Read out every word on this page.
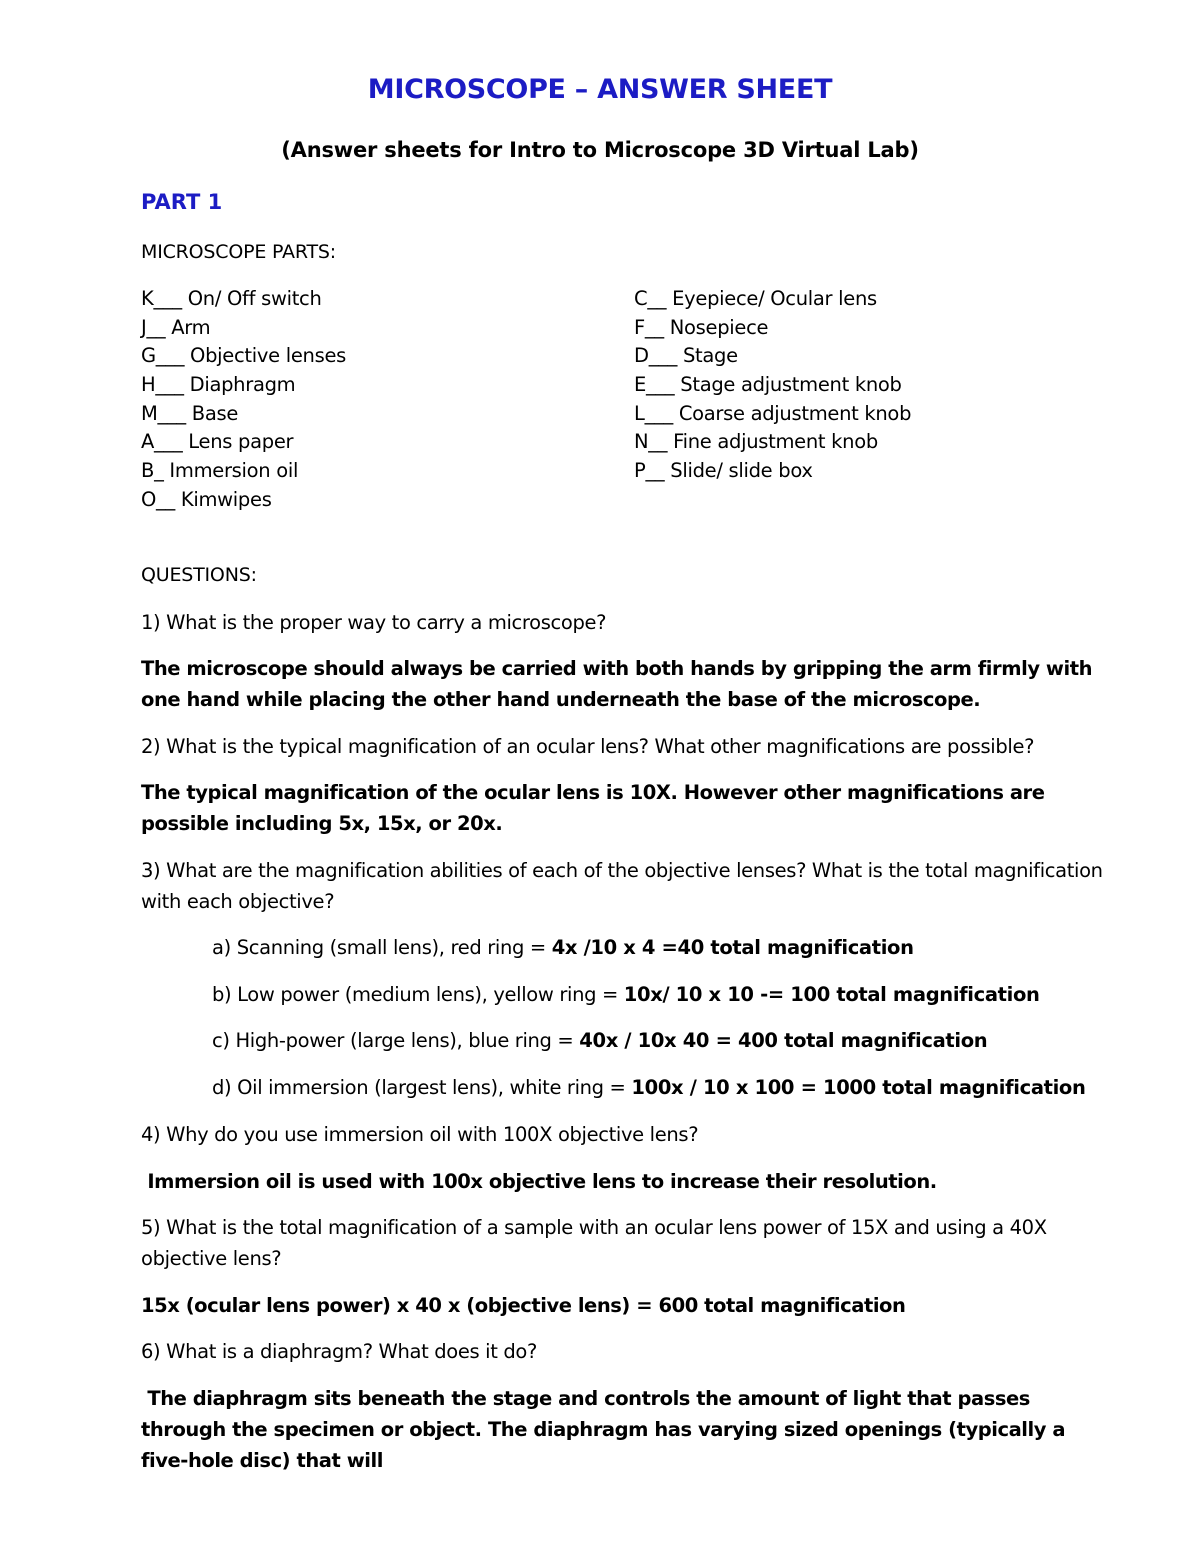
MICROSCOPE – ANSWER SHEET
(Answer sheets for Intro to Microscope 3D Virtual Lab)
PART 1
MICROSCOPE PARTS:
K___ On/ Off switch
J__ Arm
G___ Objective lenses
H___ Diaphragm
M___ Base
A___ Lens paper
B_ Immersion oil
O__ Kimwipes
C__ Eyepiece/ Ocular lens
F__ Nosepiece
D___ Stage
E___ Stage adjustment knob
L___ Coarse adjustment knob
N__ Fine adjustment knob
P__ Slide/ slide box
QUESTIONS:
1) What is the proper way to carry a microscope?
The microscope should always be carried with both hands by gripping the arm firmly with one hand while placing the other hand underneath the base of the microscope.
2) What is the typical magnification of an ocular lens? What other magnifications are possible?
The typical magnification of the ocular lens is 10X. However other magnifications are possible including 5x, 15x, or 20x.
3) What are the magnification abilities of each of the objective lenses? What is the total magnification with each objective?
a) Scanning (small lens), red ring = 4x /10 x 4 =40 total magnification
b) Low power (medium lens), yellow ring = 10x/ 10 x 10 -= 100 total magnification
c) High-power (large lens), blue ring = 40x / 10x 40 = 400 total magnification
d) Oil immersion (largest lens), white ring = 100x / 10 x 100 = 1000 total magnification
4) Why do you use immersion oil with 100X objective lens?
Immersion oil is used with 100x objective lens to increase their resolution.
5) What is the total magnification of a sample with an ocular lens power of 15X and using a 40X objective lens?
15x (ocular lens power) x 40 x (objective lens) = 600 total magnification
6) What is a diaphragm? What does it do?
The diaphragm sits beneath the stage and controls the amount of light that passes through the specimen or object. The diaphragm has varying sized openings (typically a five-hole disc) that will
